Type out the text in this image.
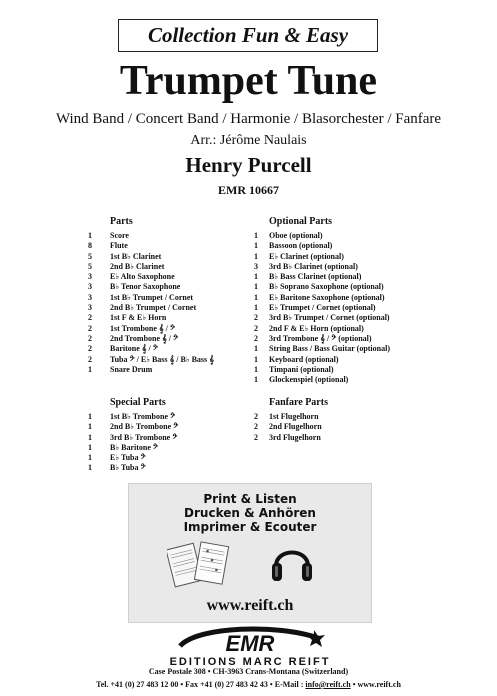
Collection Fun & Easy
Trumpet Tune
Wind Band / Concert Band / Harmonie / Blasorchester / Fanfare
Arr.: Jérôme Naulais
Henry Purcell
EMR 10667
Parts
1	Score
8	Flute
5	1st B♭ Clarinet
5	2nd B♭ Clarinet
3	E♭ Alto Saxophone
3	B♭ Tenor Saxophone
3	1st B♭ Trumpet / Cornet
3	2nd B♭ Trumpet / Cornet
2	1st F & E♭ Horn
2	1st Trombone 𝄞 / 𝄢
2	2nd Trombone 𝄞 / 𝄢
2	Baritone 𝄞 / 𝄢
2	Tuba 𝄢 / E♭ Bass 𝄞 / B♭ Bass 𝄞
1	Snare Drum
Optional Parts
1	Oboe (optional)
1	Bassoon (optional)
1	E♭ Clarinet (optional)
3	3rd B♭ Clarinet (optional)
1	B♭ Bass Clarinet (optional)
1	B♭ Soprano Saxophone (optional)
1	E♭ Baritone Saxophone (optional)
1	E♭ Trumpet / Cornet (optional)
2	3rd B♭ Trumpet / Cornet (optional)
2	2nd F & E♭ Horn (optional)
2	3rd Trombone 𝄞 / 𝄢 (optional)
1	String Bass / Bass Guitar (optional)
1	Keyboard (optional)
1	Timpani (optional)
1	Glockenspiel (optional)
Special Parts
1	1st B♭ Trombone 𝄢
1	2nd B♭ Trombone 𝄢
1	3rd B♭ Trombone 𝄢
1	B♭ Baritone 𝄢
1	E♭ Tuba 𝄢
1	B♭ Tuba 𝄢
Fanfare Parts
2	1st Flugelhorn
2	2nd Flugelhorn
2	3rd Flugelhorn
Print & Listen
Drucken & Anhören
Imprimer & Ecouter
www.reift.ch
EMR
EDITIONS MARC REIFT
Case Postale 308 • CH-3963 Crans-Montana (Switzerland)
Tel. +41 (0) 27 483 12 00 • Fax +41 (0) 27 483 42 43 • E-Mail : info@reift.ch • www.reift.ch
